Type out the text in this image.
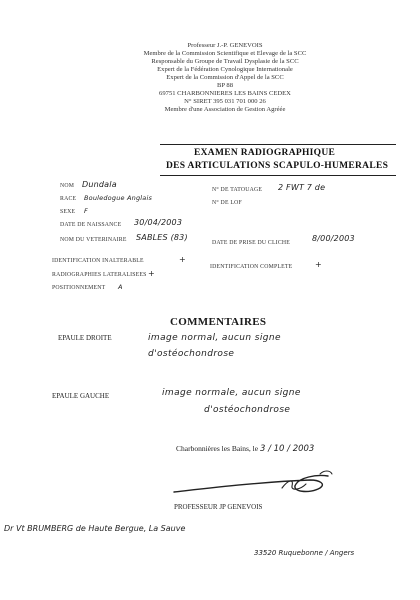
Professeur J.-P. GENEVOIS
Membre de la Commission Scientifique et Elevage de la SCC
Responsable du Groupe de Travail Dysplasie de la SCC
Expert de la Fédération Cynologique Internationale
Expert de la Commission d'Appel de la SCC
BP 88
69751 CHARBONNIERES LES BAINS CEDEX
N° SIRET 395 031 701 000 26
Membre d'une Association de Gestion Agréée
EXAMEN RADIOGRAPHIQUE
DES ARTICULATIONS SCAPULO-HUMERALES
NOM Dundala
RACE Bouledogue Anglais
SEXE F
DATE DE NAISSANCE 30/04/2003
NOM DU VETERINAIRE SABLES (83)
N° DE TATOUAGE 2 FWT 7 de
N° DE LOF
DATE DE PRISE DU CLICHE	8/00/2003
IDENTIFICATION INALTERABLE	+
RADIOGRAPHIES LATERALISEES +
POSITIONNEMENT A
IDENTIFICATION COMPLETE	+
COMMENTAIRES
EPAULE DROITE	image normal, aucun signe
d'ostéochondrose
EPAULE GAUCHE	image normale, aucun signe
d'ostéochondrose
Charbonnières les Bains, le 3 / 10 / 2003
PROFESSEUR JP GENEVOIS
Dr Vt BRUMBERG de Haute Bergue, La Sauve
33520 Ruquebonne / Angers
